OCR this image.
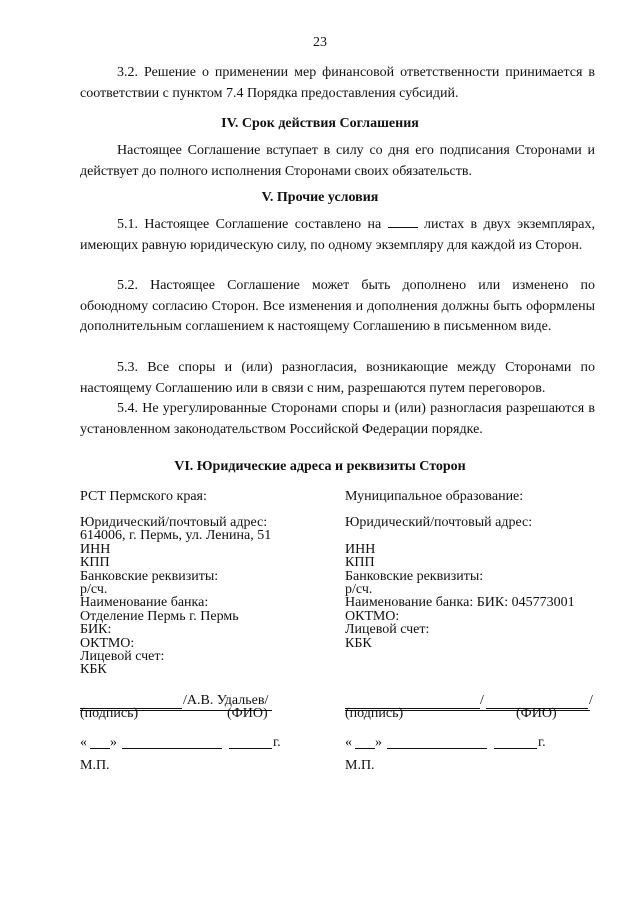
23

3.2. Решение о применении мер финансовой ответственности принимается в соответствии с пунктом 7.4 Порядка предоставления субсидий.

IV. Срок действия Соглашения

Настоящее Соглашение вступает в силу со дня его подписания Сторонами и действует до полного исполнения Сторонами своих обязательств.

V. Прочие условия

5.1. Настоящее Соглашение составлено на	листах в двух экземплярах, имеющих равную юридическую силу, по одному экземпляру для каждой из Сторон.

5.2. Настоящее Соглашение может быть дополнено или изменено по обоюдному согласию Сторон. Все изменения и дополнения должны быть оформлены дополнительным соглашением к настоящему Соглашению в письменном виде.

5.3. Все споры и (или) разногласия, возникающие между Сторонами по настоящему Соглашению или в связи с ним, разрешаются путем переговоров.

5.4. Не урегулированные Сторонами споры и (или) разногласия разрешаются в установленном законодательством Российской Федерации порядке.

VI. Юридические адреса и реквизиты Сторон
РСТ Пермского края:
Юридический/почтовый адрес:
614006, г. Пермь, ул. Ленина, 51
ИНН
КПП
Банковские реквизиты:
р/сч.
Наименование банка:
Отделение Пермь г. Пермь
БИК:
ОКТМО:
Лицевой счет:
КБК
Муниципальное образование:
Юридический/почтовый адрес:
ИНН
КПП
Банковские реквизиты:
р/сч.
Наименование банка: БИК: 045773001
ОКТМО:
Лицевой счет:
КБК
/А.В. Удальев/
(подпись)	(ФИО)
« »	г.
М.П.
/	/
(подпись)	(ФИО)
« »	г.
М.П.
